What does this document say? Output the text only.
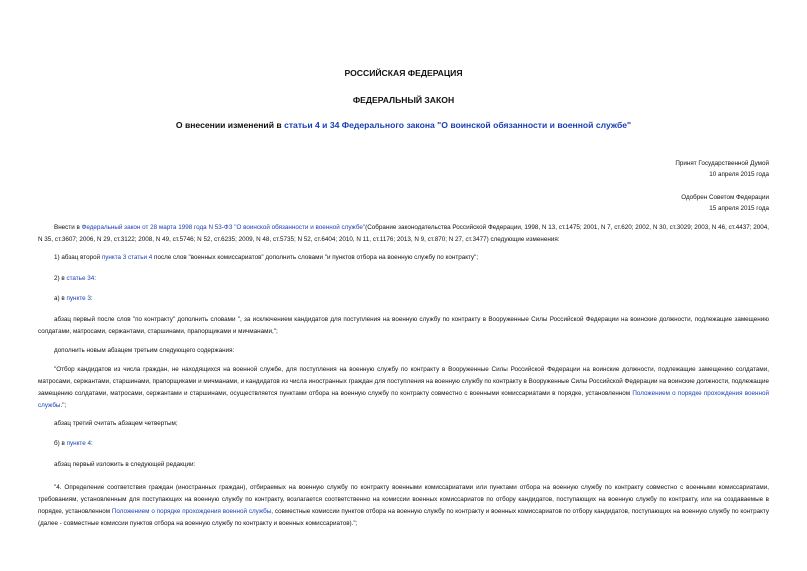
РОССИЙСКАЯ ФЕДЕРАЦИЯ
ФЕДЕРАЛЬНЫЙ ЗАКОН
О внесении изменений в статьи 4 и 34 Федерального закона "О воинской обязанности и военной службе"
Принят Государственной Думой
10 апреля 2015 года
Одобрен Советом Федерации
15 апреля 2015 года
Внести в Федеральный закон от 28 марта 1998 года N 53-ФЗ "О воинской обязанности и военной службе"(Собрание законодательства Российской Федерации, 1998, N 13, ст.1475; 2001, N 7, ст.620; 2002, N 30, ст.3029; 2003, N 46, ст.4437; 2004, N 35, ст.3607; 2006, N 29, ст.3122; 2008, N 49, ст.5746; N 52, ст.6235; 2009, N 48, ст.5735; N 52, ст.6404; 2010, N 11, ст.1176; 2013, N 9, ст.870; N 27, ст.3477) следующие изменения:
1) абзац второй пункта 3 статьи 4 после слов "военных комиссариатов" дополнить словами "и пунктов отбора на военную службу по контракту";
2) в статье 34:
а) в пункте 3:
абзац первый после слов "по контракту" дополнить словами ", за исключением кандидатов для поступления на военную службу по контракту в Вооруженные Силы Российской Федерации на воинские должности, подлежащие замещению солдатами, матросами, сержантами, старшинами, прапорщиками и мичманами,";
дополнить новым абзацем третьим следующего содержания:
"Отбор кандидатов из числа граждан, не находящихся на военной службе, для поступления на военную службу по контракту в Вооруженные Силы Российской Федерации на воинские должности, подлежащие замещению солдатами, матросами, сержантами, старшинами, прапорщиками и мичманами, и кандидатов из числа иностранных граждан для поступления на военную службу по контракту в Вооруженные Силы Российской Федерации на воинские должности, подлежащие замещению солдатами, матросами, сержантами и старшинами, осуществляется пунктами отбора на военную службу по контракту совместно с военными комиссариатами в порядке, установленном Положением о порядке прохождения военной службы.";
абзац третий считать абзацем четвертым;
б) в пункте 4:
абзац первый изложить в следующей редакции:
"4. Определение соответствия граждан (иностранных граждан), отбираемых на военную службу по контракту военными комиссариатами или пунктами отбора на военную службу по контракту совместно с военными комиссариатами, требованиям, установленным для поступающих на военную службу по контракту, возлагается соответственно на комиссии военных комиссариатов по отбору кандидатов, поступающих на военную службу по контракту, или на создаваемые в порядке, установленном Положением о порядке прохождения военной службы, совместные комиссии пунктов отбора на военную службу по контракту и военных комиссариатов по отбору кандидатов, поступающих на военную службу по контракту (далее - совместные комиссии пунктов отбора на военную службу по контракту и военных комиссариатов).";
